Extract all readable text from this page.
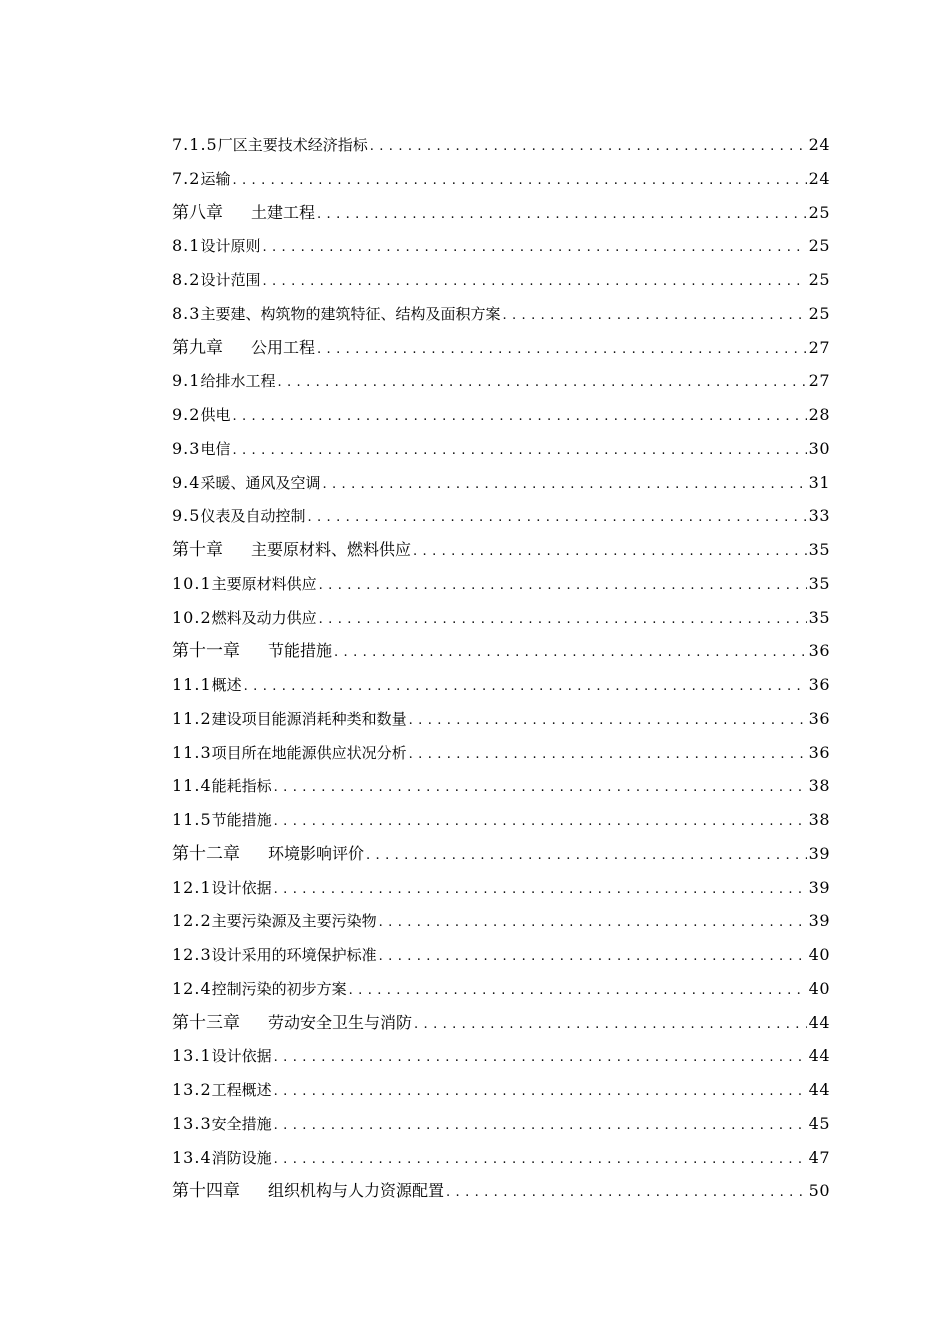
7.1.5 厂区主要技术经济指标 .....	24
7.2 运输 .....	24
第八章 土建工程 .....	25
8.1 设计原则 .....	25
8.2 设计范围 .....	25
8.3 主要建、构筑物的建筑特征、结构及面积方案 .....	25
第九章 公用工程 .....	27
9.1 给排水工程 .....	27
9.2 供电 .....	28
9.3 电信 .....	30
9.4 采暖、通风及空调 .....	31
9.5 仪表及自动控制 .....	33
第十章 主要原材料、燃料供应 .....	35
10.1 主要原材料供应 .....	35
10.2 燃料及动力供应 .....	35
第十一章 节能措施 .....	36
11.1 概述 .....	36
11.2 建设项目能源消耗种类和数量 .....	36
11.3 项目所在地能源供应状况分析 .....	36
11.4 能耗指标 .....	38
11.5 节能措施 .....	38
第十二章 环境影响评价 .....	39
12.1 设计依据 .....	39
12.2 主要污染源及主要污染物 .....	39
12.3 设计采用的环境保护标准 .....	40
12.4 控制污染的初步方案 .....	40
第十三章 劳动安全卫生与消防 .....	44
13.1 设计依据 .....	44
13.2 工程概述 .....	44
13.3 安全措施 .....	45
13.4 消防设施 .....	47
第十四章 组织机构与人力资源配置 .....	50
